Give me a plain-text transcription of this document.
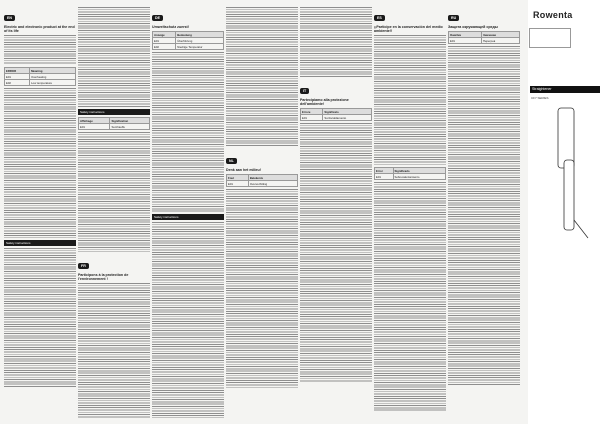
EN
Electric and electronic product at the end of its life
ERROR	Meaning
E01	Overheating
E02	Low temperature
Safety instructions
Safety instructions
Affichage	Signification
E01	Surchauffe
FR
Participons à la protection de l'environnement !
DE
Umweltschutz zuerst!
Anzeige	Bedeutung
E01	Überhitzung
E02	Niedrige Temperatur
Safety instructions
NL
Denk aan het milieu!
Fout	Betekenis
E01	Oververhitting
IT
Partecipiamo alla protezione dell'ambiente!
Errore	Significato
E01	Surriscaldamento
ES
¡¡Participe en la conservación del medio ambiente!!
Error	Significado
E01	Sobrecalentamiento
RU
Защита окружающей среды
Ошибка	Значение
E01	Перегрев
Rowenta
Straightener
CF7 SERIES
